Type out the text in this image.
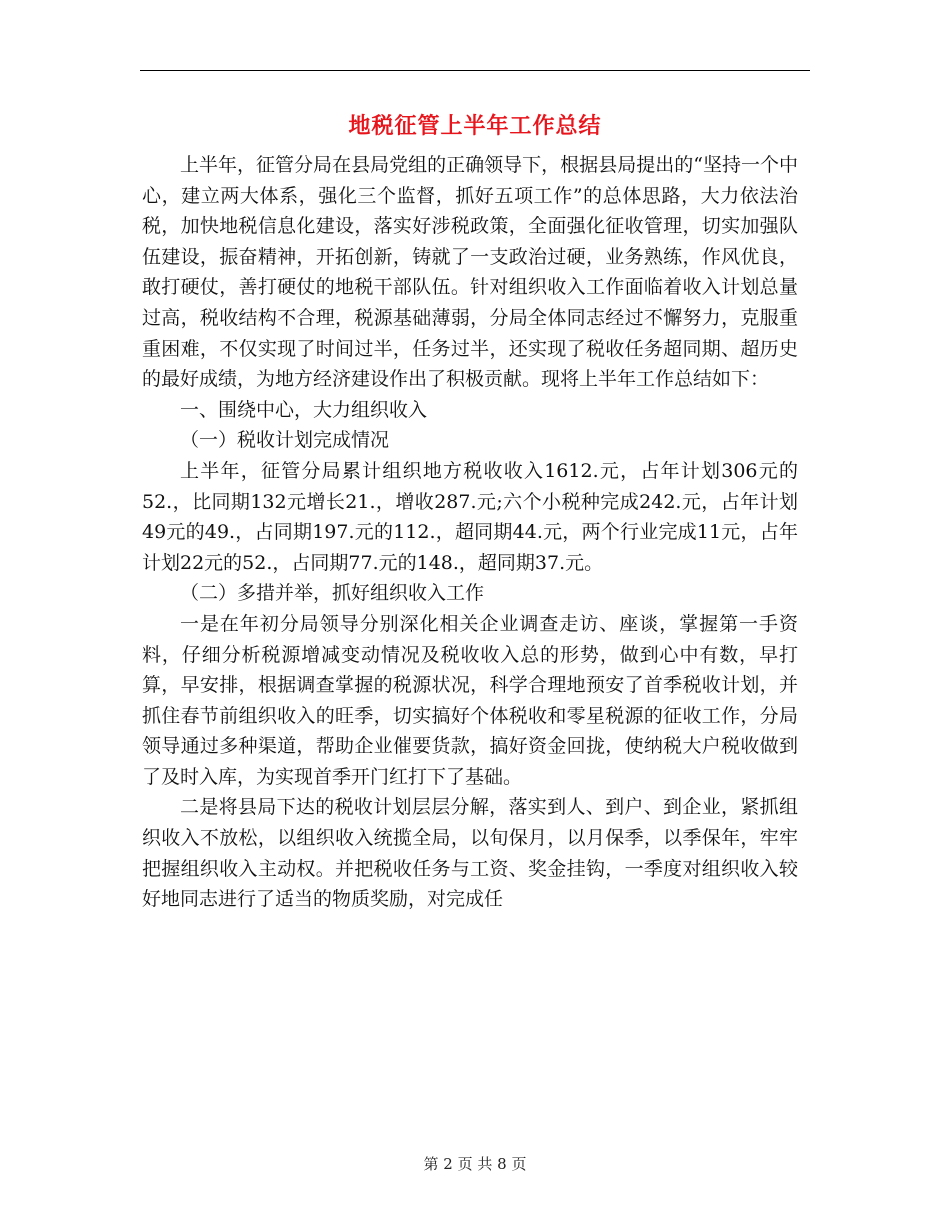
地税征管上半年工作总结

上半年，征管分局在县局党组的正确领导下，根据县局提出的“坚持一个中心，建立两大体系，强化三个监督，抓好五项工作”的总体思路，大力依法治税，加快地税信息化建设，落实好涉税政策，全面强化征收管理，切实加强队伍建设，振奋精神，开拓创新，铸就了一支政治过硬，业务熟练，作风优良，敢打硬仗，善打硬仗的地税干部队伍。针对组织收入工作面临着收入计划总量过高，税收结构不合理，税源基础薄弱，分局全体同志经过不懈努力，克服重重困难，不仅实现了时间过半，任务过半，还实现了税收任务超同期、超历史的最好成绩，为地方经济建设作出了积极贡献。现将上半年工作总结如下：

一、围绕中心，大力组织收入

（一）税收计划完成情况

上半年，征管分局累计组织地方税收收入1612.元，占年计划306元的52.，比同期132元增长21.，增收287.元;六个小税种完成242.元，占年计划49元的49.，占同期197.元的112.，超同期44.元，两个行业完成11元，占年计划22元的52.，占同期77.元的148.，超同期37.元。

（二）多措并举，抓好组织收入工作

一是在年初分局领导分别深化相关企业调查走访、座谈，掌握第一手资料，仔细分析税源增减变动情况及税收收入总的形势，做到心中有数，早打算，早安排，根据调查掌握的税源状况，科学合理地预安了首季税收计划，并抓住春节前组织收入的旺季，切实搞好个体税收和零星税源的征收工作，分局领导通过多种渠道，帮助企业催要货款，搞好资金回拢，使纳税大户税收做到了及时入库，为实现首季开门红打下了基础。

二是将县局下达的税收计划层层分解，落实到人、到户、到企业，紧抓组织收入不放松，以组织收入统揽全局，以旬保月，以月保季，以季保年，牢牢把握组织收入主动权。并把税收任务与工资、奖金挂钩，一季度对组织收入较好地同志进行了适当的物质奖励，对完成任

第 2 页 共 8 页
